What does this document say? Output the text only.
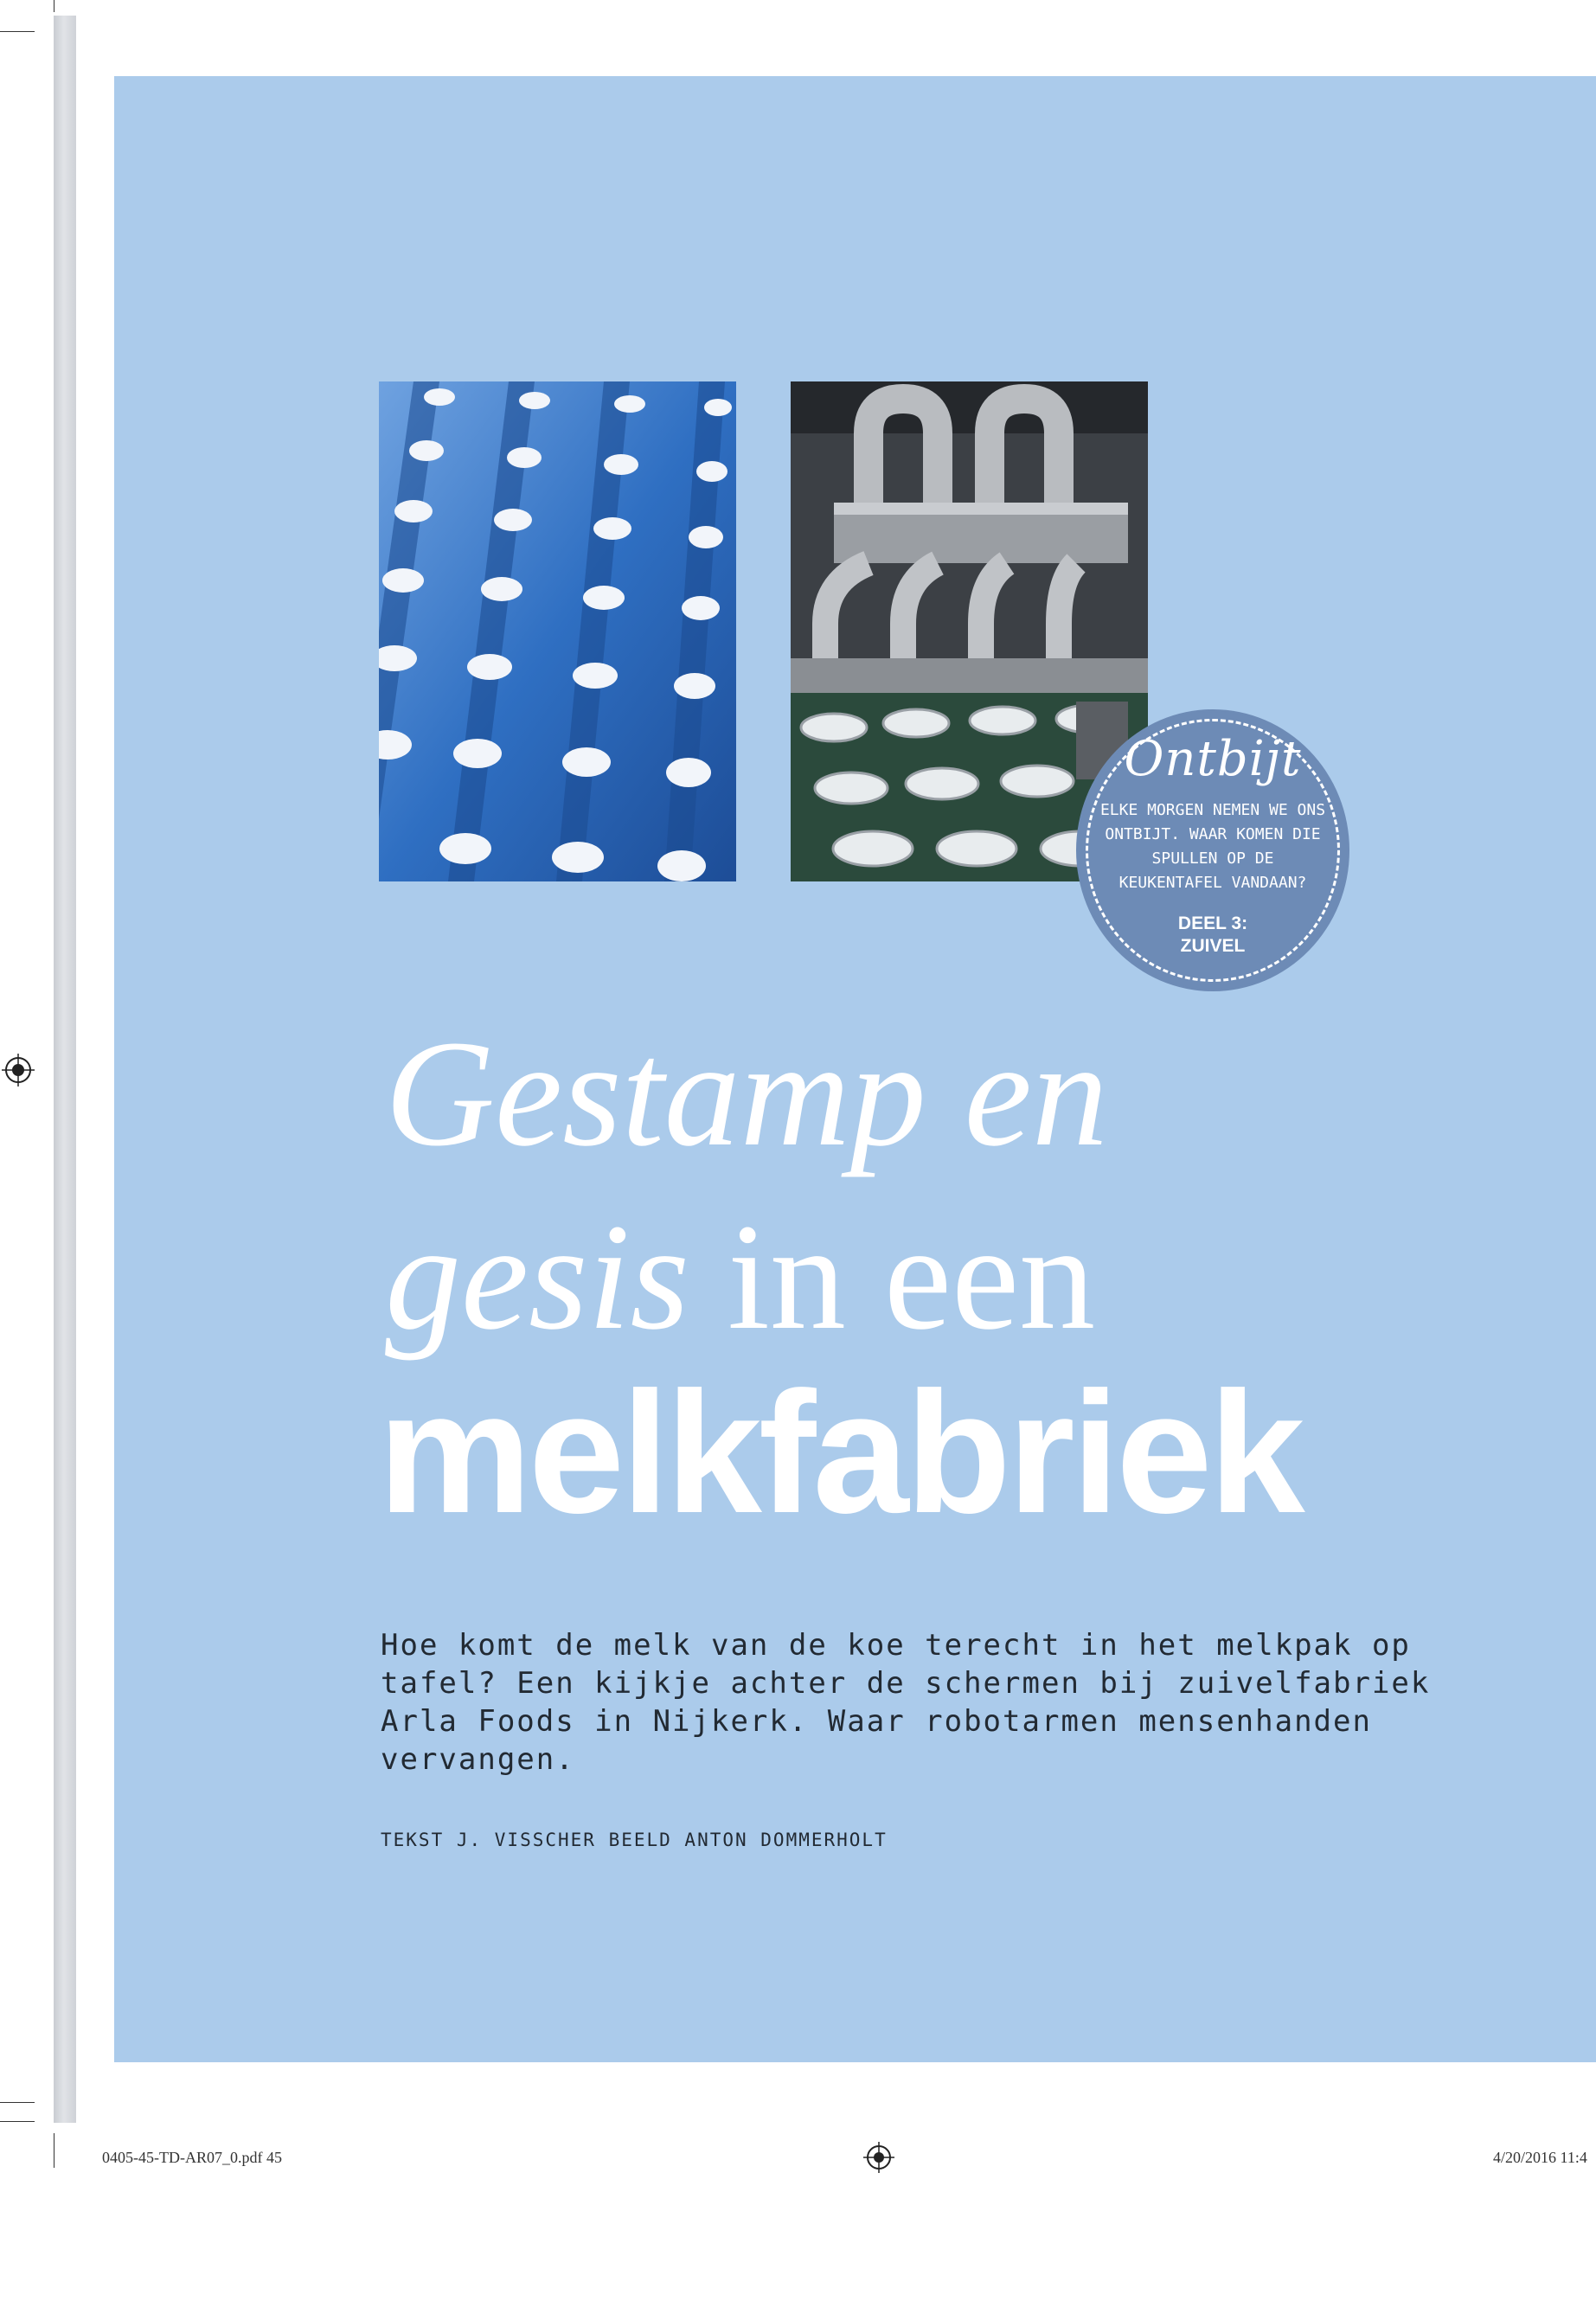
Ontbijt
ELKE MORGEN NEMEN WE ONS ONTBIJT. WAAR KOMEN DIE SPULLEN OP DE KEUKENTAFEL VANDAAN?
DEEL 3:
ZUIVEL
Gestamp en
gesis in een
melkfabriek
Hoe komt de melk van de koe terecht in het melkpak op tafel? Een kijkje achter de schermen bij zuivelfabriek Arla Foods in Nijkerk. Waar robotarmen mensenhanden vervangen.
TEKST J. VISSCHER BEELD ANTON DOMMERHOLT
0405-45-TD-AR07_0.pdf 45	4/20/2016 11:4
